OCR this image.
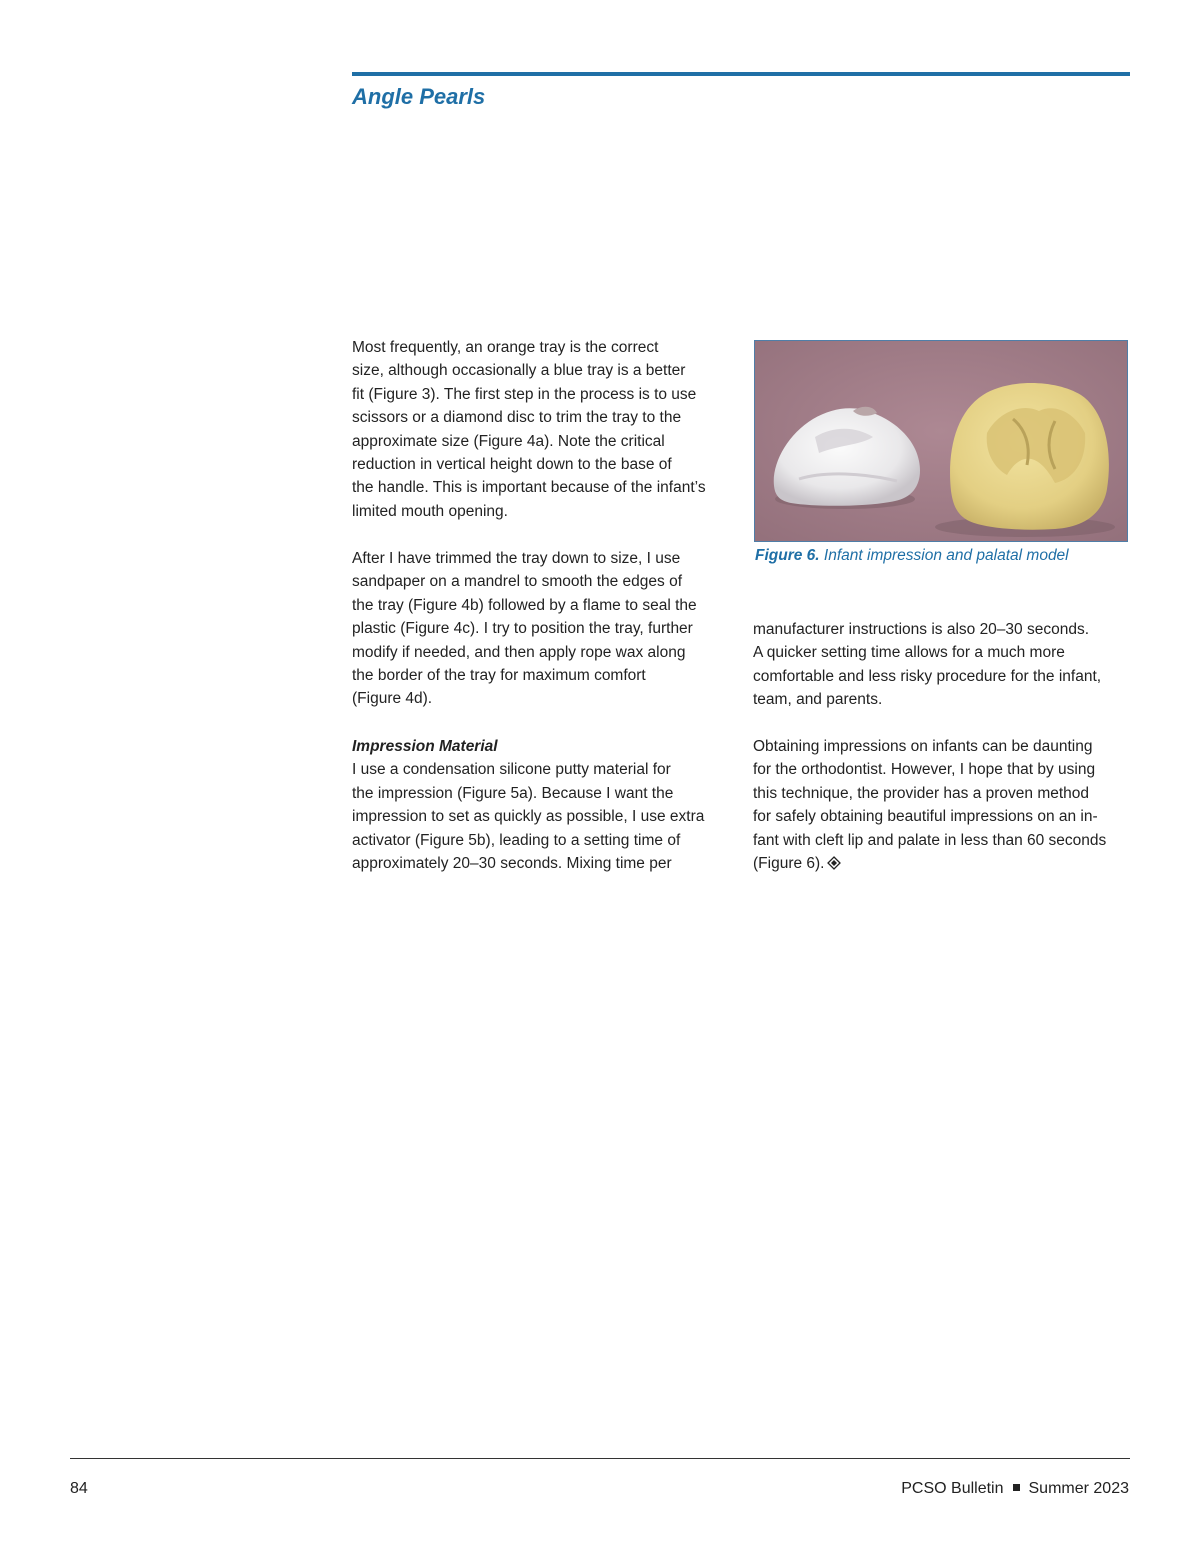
Angle Pearls

Most frequently, an orange tray is the correct
size, although occasionally a blue tray is a better
fit (Figure 3). The first step in the process is to use
scissors or a diamond disc to trim the tray to the
approximate size (Figure 4a). Note the critical
reduction in vertical height down to the base of
the handle. This is important because of the infant’s
limited mouth opening.

After I have trimmed the tray down to size, I use
sandpaper on a mandrel to smooth the edges of
the tray (Figure 4b) followed by a flame to seal the
plastic (Figure 4c). I try to position the tray, further
modify if needed, and then apply rope wax along
the border of the tray for maximum comfort
(Figure 4d).

Impression Material
I use a condensation silicone putty material for
the impression (Figure 5a). Because I want the
impression to set as quickly as possible, I use extra
activator (Figure 5b), leading to a setting time of
approximately 20–30 seconds. Mixing time per

Figure 6. Infant impression and palatal model

manufacturer instructions is also 20–30 seconds.
A quicker setting time allows for a much more
comfortable and less risky procedure for the infant,
team, and parents.

Obtaining impressions on infants can be daunting
for the orthodontist. However, I hope that by using
this technique, the provider has a proven method
for safely obtaining beautiful impressions on an in-
fant with cleft lip and palate in less than 60 seconds
(Figure 6).

84	PCSO Bulletin Summer 2023
